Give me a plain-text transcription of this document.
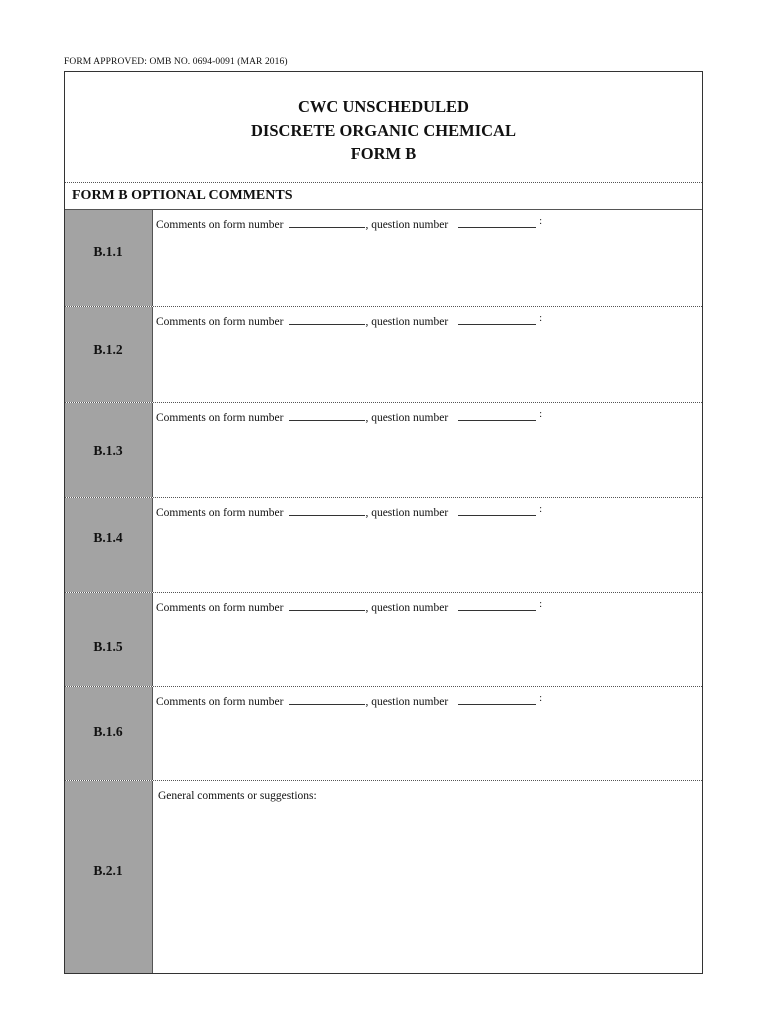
FORM APPROVED: OMB NO. 0694-0091 (MAR 2016)
CWC UNSCHEDULED
DISCRETE ORGANIC CHEMICAL
FORM B
FORM B OPTIONAL COMMENTS
B.1.1
Comments on form number	, question number	:
B.1.2
Comments on form number	, question number	:
B.1.3
Comments on form number	, question number	:
B.1.4
Comments on form number	, question number	:
B.1.5
Comments on form number	, question number	:
B.1.6
Comments on form number	, question number	:
B.2.1
General comments or suggestions:
